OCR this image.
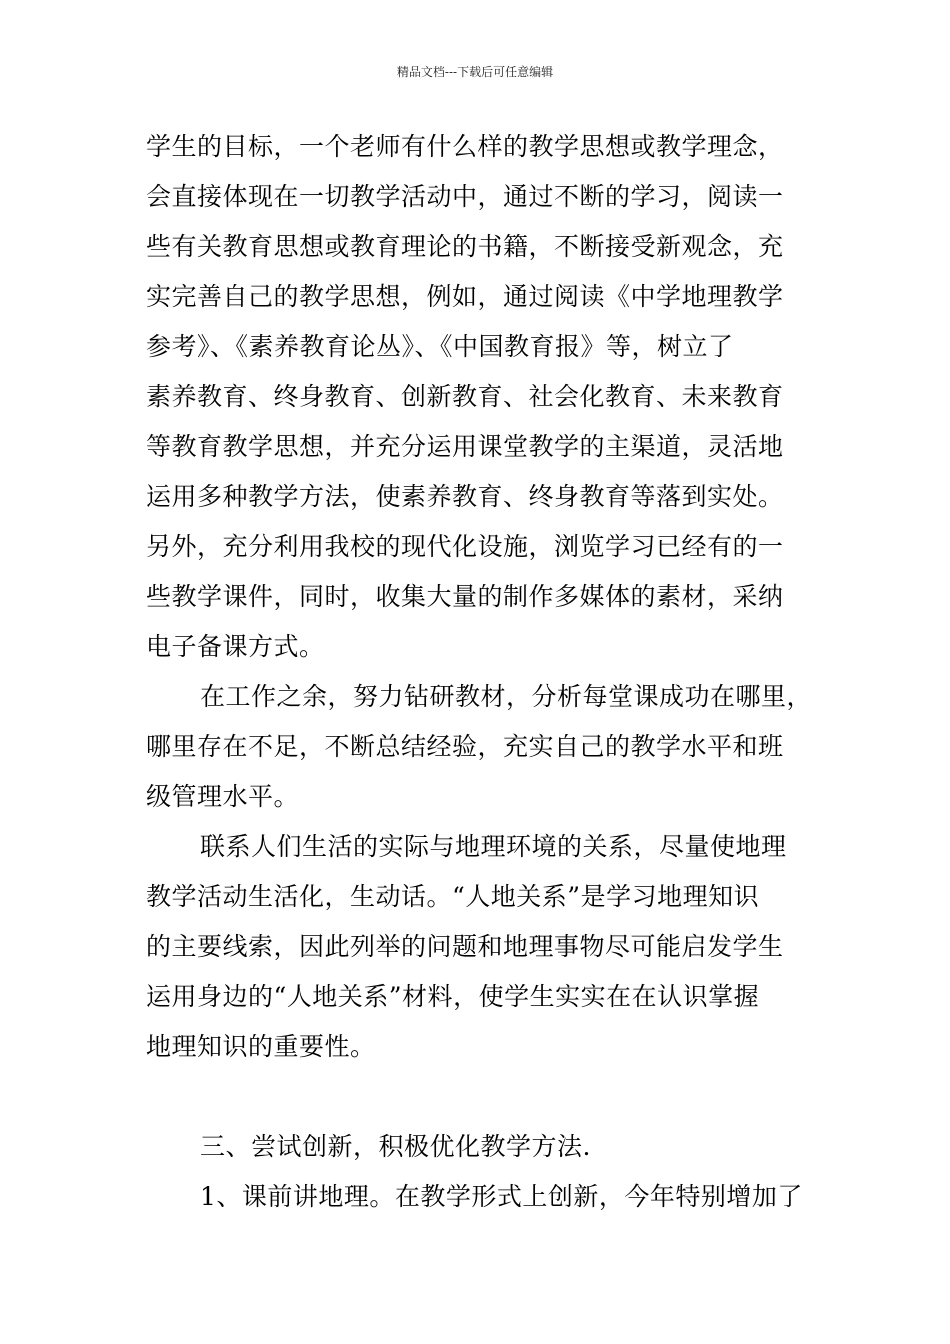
精品文档---下载后可任意编辑
学生的目标，一个老师有什么样的教学思想或教学理念，
会直接体现在一切教学活动中，通过不断的学习，阅读一
些有关教育思想或教育理论的书籍，不断接受新观念，充
实完善自己的教学思想，例如，通过阅读《中学地理教学
参考》、《素养教育论丛》、《中国教育报》等，树立了
素养教育、终身教育、创新教育、社会化教育、未来教育
等教育教学思想，并充分运用课堂教学的主渠道，灵活地
运用多种教学方法，使素养教育、终身教育等落到实处。
另外，充分利用我校的现代化设施，浏览学习已经有的一
些教学课件，同时，收集大量的制作多媒体的素材，采纳
电子备课方式。
在工作之余，努力钻研教材，分析每堂课成功在哪里，
哪里存在不足，不断总结经验，充实自己的教学水平和班
级管理水平。
联系人们生活的实际与地理环境的关系，尽量使地理
教学活动生活化，生动话。“人地关系”是学习地理知识
的主要线索，因此列举的问题和地理事物尽可能启发学生
运用身边的“人地关系”材料，使学生实实在在认识掌握
地理知识的重要性。
三、尝试创新，积极优化教学方法.
1、课前讲地理。在教学形式上创新，今年特别增加了
